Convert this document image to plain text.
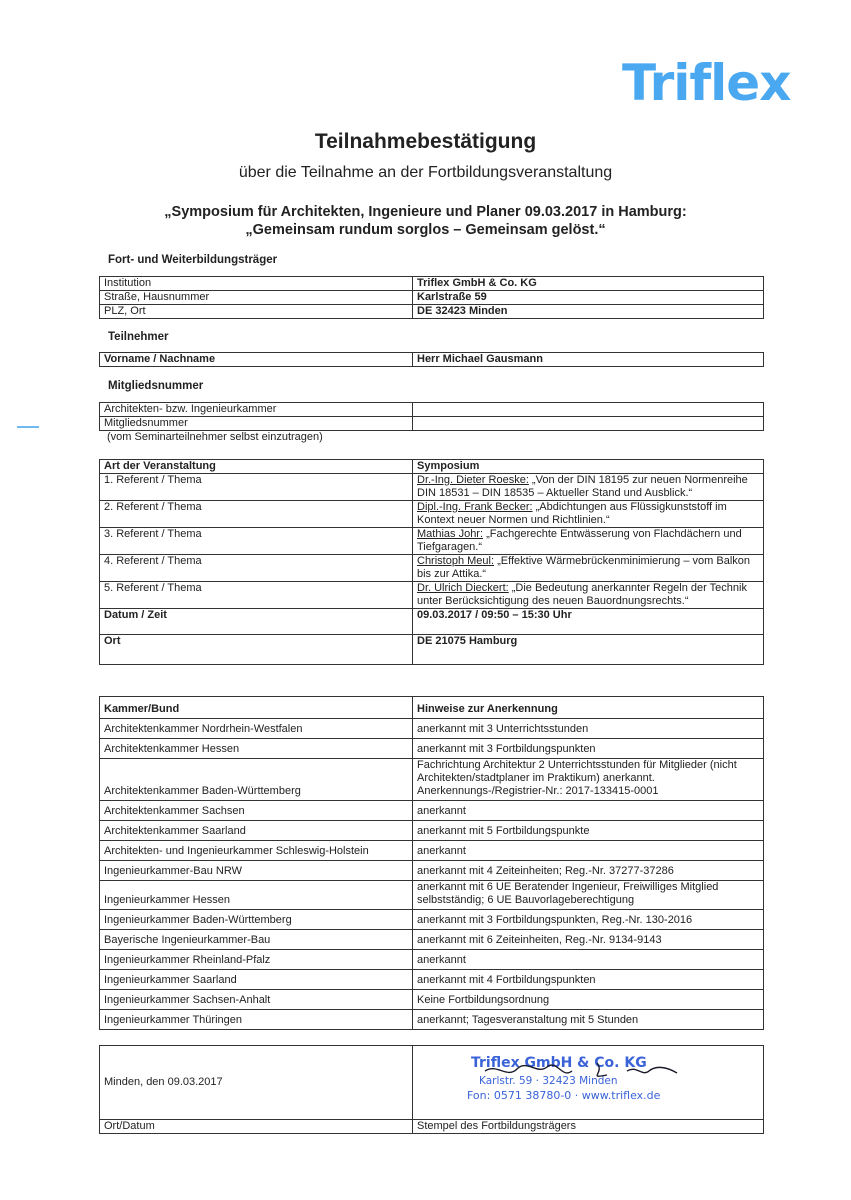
Triflex
Teilnahmebestätigung
über die Teilnahme an der Fortbildungsveranstaltung
„Symposium für Architekten, Ingenieure und Planer 09.03.2017 in Hamburg:
„Gemeinsam rundum sorglos – Gemeinsam gelöst.“
Fort- und Weiterbildungsträger
Institution	Triflex GmbH & Co. KG
Straße, Hausnummer	Karlstraße 59
PLZ, Ort	DE 32423 Minden
Teilnehmer
Vorname / Nachname	Herr Michael Gausmann
Mitgliedsnummer
Architekten- bzw. Ingenieurkammer	
Mitgliedsnummer	
(vom Seminarteilnehmer selbst einzutragen)
Art der Veranstaltung	Symposium
1. Referent / Thema	Dr.-Ing. Dieter Roeske: „Von der DIN 18195 zur neuen Normenreihe DIN 18531 – DIN 18535 – Aktueller Stand und Ausblick.“
2. Referent / Thema	Dipl.-Ing. Frank Becker: „Abdichtungen aus Flüssigkunststoff im Kontext neuer Normen und Richtlinien.“
3. Referent / Thema	Mathias Johr: „Fachgerechte Entwässerung von Flachdächern und Tiefgaragen.“
4. Referent / Thema	Christoph Meul: „Effektive Wärmebrückenminimierung – vom Balkon bis zur Attika.“
5. Referent / Thema	Dr. Ulrich Dieckert: „Die Bedeutung anerkannter Regeln der Technik unter Berücksichtigung des neuen Bauordnungsrechts.“
Datum / Zeit	09.03.2017 / 09:50 – 15:30 Uhr
Ort	DE 21075 Hamburg
Kammer/Bund	Hinweise zur Anerkennung
Architektenkammer Nordrhein-Westfalen	anerkannt mit 3 Unterrichtsstunden
Architektenkammer Hessen	anerkannt mit 3 Fortbildungspunkten
Architektenkammer Baden-Württemberg	Fachrichtung Architektur 2 Unterrichtsstunden für Mitglieder (nicht Architekten/stadtplaner im Praktikum) anerkannt. Anerkennungs-/Registrier-Nr.: 2017-133415-0001
Architektenkammer Sachsen	anerkannt
Architektenkammer Saarland	anerkannt mit 5 Fortbildungspunkte
Architekten- und Ingenieurkammer Schleswig-Holstein	anerkannt
Ingenieurkammer-Bau NRW	anerkannt mit 4 Zeiteinheiten; Reg.-Nr. 37277-37286
Ingenieurkammer Hessen	anerkannt mit 6 UE Beratender Ingenieur, Freiwilliges Mitglied selbstständig; 6 UE Bauvorlageberechtigung
Ingenieurkammer Baden-Württemberg	anerkannt mit 3 Fortbildungspunkten, Reg.-Nr. 130-2016
Bayerische Ingenieurkammer-Bau	anerkannt mit 6 Zeiteinheiten, Reg.-Nr. 9134-9143
Ingenieurkammer Rheinland-Pfalz	anerkannt
Ingenieurkammer Saarland	anerkannt mit 4 Fortbildungspunkten
Ingenieurkammer Sachsen-Anhalt	Keine Fortbildungsordnung
Ingenieurkammer Thüringen	anerkannt; Tagesveranstaltung mit 5 Stunden
Minden, den 09.03.2017	Triflex GmbH & Co. KG
Karlstr. 59 · 32423 Minden
Fon: 0571 38780-0 · www.triflex.de

Ort/Datum	Stempel des Fortbildungsträgers
